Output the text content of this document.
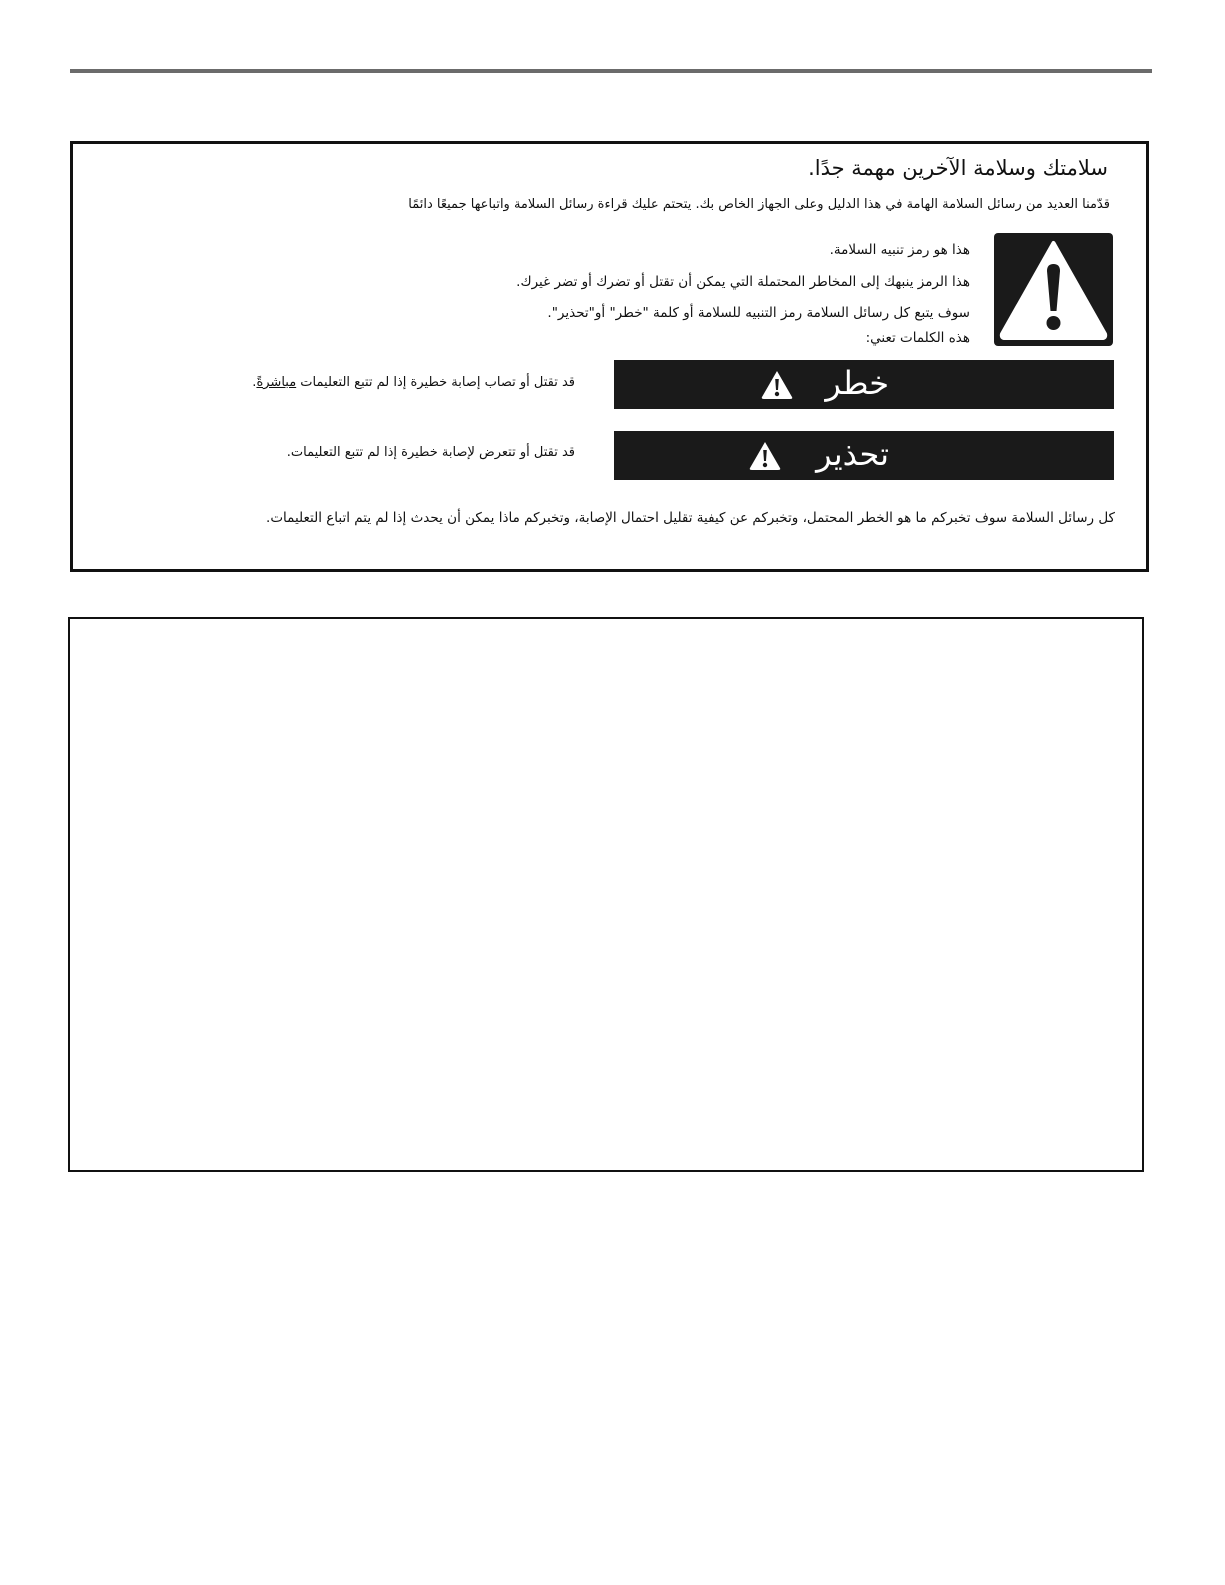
سلامتك وسلامة الآخرين مهمة جدًا.
قدّمنا العديد من رسائل السلامة الهامة في هذا الدليل وعلى الجهاز الخاص بك. يتحتم عليك قراءة رسائل السلامة واتباعها جميعًا دائمًا
هذا هو رمز تنبيه السلامة.
هذا الرمز ينبهك إلى المخاطر المحتملة التي يمكن أن تقتل أو تضرك أو تضر غيرك.
سوف يتبع كل رسائل السلامة رمز التنبيه للسلامة أو كلمة "خطر" أو"تحذير".
هذه الكلمات تعني:
خطر
قد تقتل أو تصاب إصابة خطيرة إذا لم تتبع التعليمات مباشرةً.
تحذير
قد تقتل أو تتعرض لإصابة خطيرة إذا لم تتبع التعليمات.
كل رسائل السلامة سوف تخبركم ما هو الخطر المحتمل، وتخبركم عن كيفية تقليل احتمال الإصابة، وتخبركم ماذا يمكن أن يحدث إذا لم يتم اتباع التعليمات.
